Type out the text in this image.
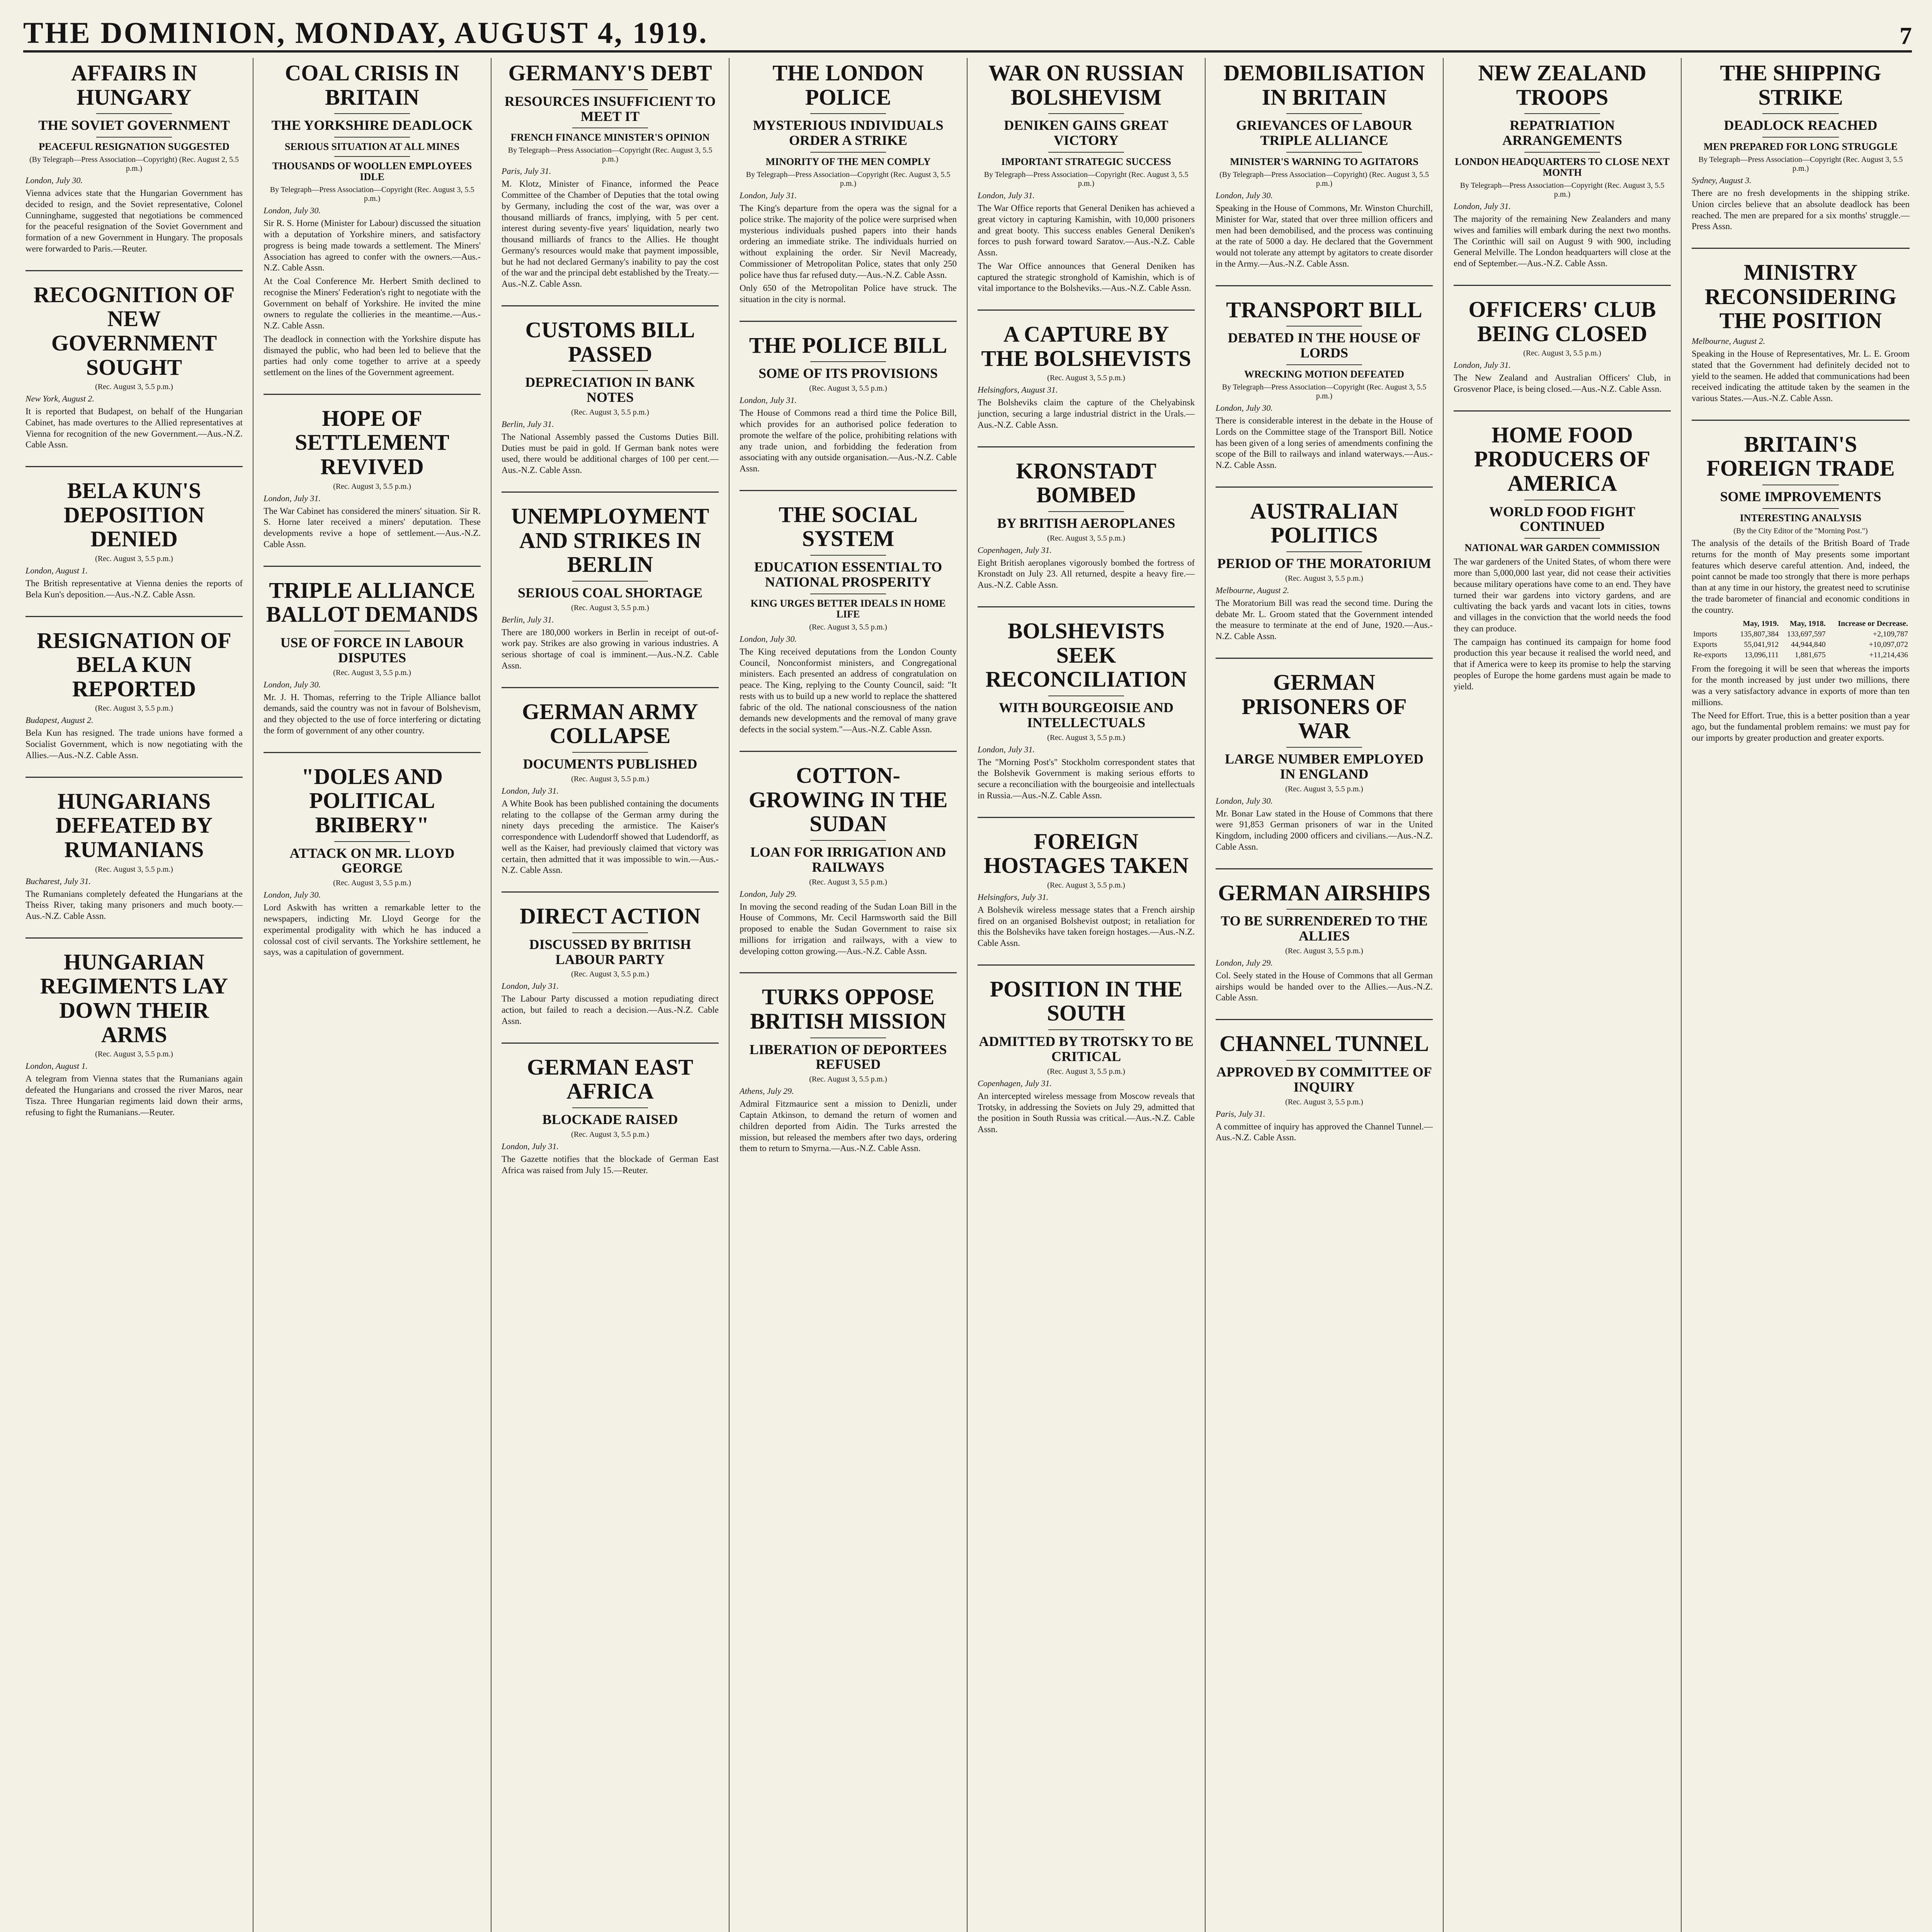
THE DOMINION, MONDAY, AUGUST 4, 1919.	7
AFFAIRS IN HUNGARY
THE SOVIET GOVERNMENT
PEACEFUL RESIGNATION SUGGESTED
(By Telegraph—Press Association—Copyright) (Rec. August 2, 5.5 p.m.)
London, July 30.

Vienna advices state that the Hungarian Government has decided to resign, and the Soviet representative, Colonel Cunninghame, suggested that negotiations be commenced for the peaceful resignation of the Soviet Government and formation of a new Government in Hungary. The proposals were forwarded to Paris.—Reuter.

RECOGNITION OF NEW GOVERNMENT SOUGHT
(Rec. August 3, 5.5 p.m.)
New York, August 2.

It is reported that Budapest, on behalf of the Hungarian Cabinet, has made overtures to the Allied representatives at Vienna for recognition of the new Government.—Aus.-N.Z. Cable Assn.

BELA KUN'S DEPOSITION DENIED
(Rec. August 3, 5.5 p.m.)
London, August 1.

The British representative at Vienna denies the reports of Bela Kun's deposition.—Aus.-N.Z. Cable Assn.

RESIGNATION OF BELA KUN REPORTED
(Rec. August 3, 5.5 p.m.)
Budapest, August 2.

Bela Kun has resigned. The trade unions have formed a Socialist Government, which is now negotiating with the Allies.—Aus.-N.Z. Cable Assn.

HUNGARIANS DEFEATED BY RUMANIANS
(Rec. August 3, 5.5 p.m.)
Bucharest, July 31.

The Rumanians completely defeated the Hungarians at the Theiss River, taking many prisoners and much booty.—Aus.-N.Z. Cable Assn.

HUNGARIAN REGIMENTS LAY DOWN THEIR ARMS
(Rec. August 3, 5.5 p.m.)
London, August 1.

A telegram from Vienna states that the Rumanians again defeated the Hungarians and crossed the river Maros, near Tisza. Three Hungarian regiments laid down their arms, refusing to fight the Rumanians.—Reuter.

COAL CRISIS IN BRITAIN
THE YORKSHIRE DEADLOCK
SERIOUS SITUATION AT ALL MINES
THOUSANDS OF WOOLLEN EMPLOYEES IDLE
By Telegraph—Press Association—Copyright (Rec. August 3, 5.5 p.m.)
London, July 30.

Sir R. S. Horne (Minister for Labour) discussed the situation with a deputation of Yorkshire miners, and satisfactory progress is being made towards a settlement. The Miners' Association has agreed to confer with the owners.—Aus.-N.Z. Cable Assn.

At the Coal Conference Mr. Herbert Smith declined to recognise the Miners' Federation's right to negotiate with the Government on behalf of Yorkshire. He invited the mine owners to regulate the collieries in the meantime.—Aus.-N.Z. Cable Assn.

The deadlock in connection with the Yorkshire dispute has dismayed the public, who had been led to believe that the parties had only come together to arrive at a speedy settlement on the lines of the Government agreement.

HOPE OF SETTLEMENT REVIVED
(Rec. August 3, 5.5 p.m.)
London, July 31.

The War Cabinet has considered the miners' situation. Sir R. S. Horne later received a miners' deputation. These developments revive a hope of settlement.—Aus.-N.Z. Cable Assn.

TRIPLE ALLIANCE BALLOT DEMANDS
USE OF FORCE IN LABOUR DISPUTES
(Rec. August 3, 5.5 p.m.)
London, July 30.

Mr. J. H. Thomas, referring to the Triple Alliance ballot demands, said the country was not in favour of Bolshevism, and they objected to the use of force interfering or dictating the form of government of any other country.

"DOLES AND POLITICAL BRIBERY"
ATTACK ON MR. LLOYD GEORGE
(Rec. August 3, 5.5 p.m.)
London, July 30.

Lord Askwith has written a remarkable letter to the newspapers, indicting Mr. Lloyd George for the experimental prodigality with which he has induced a colossal cost of civil servants. The Yorkshire settlement, he says, was a capitulation of government.

GERMANY'S DEBT
RESOURCES INSUFFICIENT TO MEET IT
FRENCH FINANCE MINISTER'S OPINION
By Telegraph—Press Association—Copyright (Rec. August 3, 5.5 p.m.)
Paris, July 31.

M. Klotz, Minister of Finance, informed the Peace Committee of the Chamber of Deputies that the total owing by Germany, including the cost of the war, was over a thousand milliards of francs, implying, with 5 per cent. interest during seventy-five years' liquidation, nearly two thousand milliards of francs to the Allies. He thought Germany's resources would make that payment impossible, but he had not declared Germany's inability to pay the cost of the war and the principal debt established by the Treaty.—Aus.-N.Z. Cable Assn.

CUSTOMS BILL PASSED
DEPRECIATION IN BANK NOTES
(Rec. August 3, 5.5 p.m.)
Berlin, July 31.

The National Assembly passed the Customs Duties Bill. Duties must be paid in gold. If German bank notes were used, there would be additional charges of 100 per cent.—Aus.-N.Z. Cable Assn.

UNEMPLOYMENT AND STRIKES IN BERLIN
SERIOUS COAL SHORTAGE
(Rec. August 3, 5.5 p.m.)
Berlin, July 31.

There are 180,000 workers in Berlin in receipt of out-of-work pay. Strikes are also growing in various industries. A serious shortage of coal is imminent.—Aus.-N.Z. Cable Assn.

GERMAN ARMY COLLAPSE
DOCUMENTS PUBLISHED
(Rec. August 3, 5.5 p.m.)
London, July 31.

A White Book has been published containing the documents relating to the collapse of the German army during the ninety days preceding the armistice. The Kaiser's correspondence with Ludendorff showed that Ludendorff, as well as the Kaiser, had previously claimed that victory was certain, then admitted that it was impossible to win.—Aus.-N.Z. Cable Assn.

DIRECT ACTION
DISCUSSED BY BRITISH LABOUR PARTY
(Rec. August 3, 5.5 p.m.)
London, July 31.

The Labour Party discussed a motion repudiating direct action, but failed to reach a decision.—Aus.-N.Z. Cable Assn.

GERMAN EAST AFRICA
BLOCKADE RAISED
(Rec. August 3, 5.5 p.m.)
London, July 31.

The Gazette notifies that the blockade of German East Africa was raised from July 15.—Reuter.

THE LONDON POLICE
MYSTERIOUS INDIVIDUALS ORDER A STRIKE
MINORITY OF THE MEN COMPLY
By Telegraph—Press Association—Copyright (Rec. August 3, 5.5 p.m.)
London, July 31.

The King's departure from the opera was the signal for a police strike. The majority of the police were surprised when mysterious individuals pushed papers into their hands ordering an immediate strike. The individuals hurried on without explaining the order. Sir Nevil Macready, Commissioner of Metropolitan Police, states that only 250 police have thus far refused duty.—Aus.-N.Z. Cable Assn.

Only 650 of the Metropolitan Police have struck. The situation in the city is normal.

THE POLICE BILL
SOME OF ITS PROVISIONS
(Rec. August 3, 5.5 p.m.)
London, July 31.

The House of Commons read a third time the Police Bill, which provides for an authorised police federation to promote the welfare of the police, prohibiting relations with any trade union, and forbidding the federation from associating with any outside organisation.—Aus.-N.Z. Cable Assn.

THE SOCIAL SYSTEM
EDUCATION ESSENTIAL TO NATIONAL PROSPERITY
KING URGES BETTER IDEALS IN HOME LIFE
(Rec. August 3, 5.5 p.m.)
London, July 30.

The King received deputations from the London County Council, Nonconformist ministers, and Congregational ministers. Each presented an address of congratulation on peace. The King, replying to the County Council, said: "It rests with us to build up a new world to replace the shattered fabric of the old. The national consciousness of the nation demands new developments and the removal of many grave defects in the social system."—Aus.-N.Z. Cable Assn.

COTTON-GROWING IN THE SUDAN
LOAN FOR IRRIGATION AND RAILWAYS
(Rec. August 3, 5.5 p.m.)
London, July 29.

In moving the second reading of the Sudan Loan Bill in the House of Commons, Mr. Cecil Harmsworth said the Bill proposed to enable the Sudan Government to raise six millions for irrigation and railways, with a view to developing cotton growing.—Aus.-N.Z. Cable Assn.

TURKS OPPOSE BRITISH MISSION
LIBERATION OF DEPORTEES REFUSED
(Rec. August 3, 5.5 p.m.)
Athens, July 29.

Admiral Fitzmaurice sent a mission to Denizli, under Captain Atkinson, to demand the return of women and children deported from Aidin. The Turks arrested the mission, but released the members after two days, ordering them to return to Smyrna.—Aus.-N.Z. Cable Assn.

WAR ON RUSSIAN BOLSHEVISM
DENIKEN GAINS GREAT VICTORY
IMPORTANT STRATEGIC SUCCESS
By Telegraph—Press Association—Copyright (Rec. August 3, 5.5 p.m.)
London, July 31.

The War Office reports that General Deniken has achieved a great victory in capturing Kamishin, with 10,000 prisoners and great booty. This success enables General Deniken's forces to push forward toward Saratov.—Aus.-N.Z. Cable Assn.

The War Office announces that General Deniken has captured the strategic stronghold of Kamishin, which is of vital importance to the Bolsheviks.—Aus.-N.Z. Cable Assn.

A CAPTURE BY THE BOLSHEVISTS
(Rec. August 3, 5.5 p.m.)
Helsingfors, August 31.

The Bolsheviks claim the capture of the Chelyabinsk junction, securing a large industrial district in the Urals.—Aus.-N.Z. Cable Assn.

KRONSTADT BOMBED
BY BRITISH AEROPLANES
(Rec. August 3, 5.5 p.m.)
Copenhagen, July 31.

Eight British aeroplanes vigorously bombed the fortress of Kronstadt on July 23. All returned, despite a heavy fire.—Aus.-N.Z. Cable Assn.

BOLSHEVISTS SEEK RECONCILIATION
WITH BOURGEOISIE AND INTELLECTUALS
(Rec. August 3, 5.5 p.m.)
London, July 31.

The "Morning Post's" Stockholm correspondent states that the Bolshevik Government is making serious efforts to secure a reconciliation with the bourgeoisie and intellectuals in Russia.—Aus.-N.Z. Cable Assn.

FOREIGN HOSTAGES TAKEN
(Rec. August 3, 5.5 p.m.)
Helsingfors, July 31.

A Bolshevik wireless message states that a French airship fired on an organised Bolshevist outpost; in retaliation for this the Bolsheviks have taken foreign hostages.—Aus.-N.Z. Cable Assn.

POSITION IN THE SOUTH
ADMITTED BY TROTSKY TO BE CRITICAL
(Rec. August 3, 5.5 p.m.)
Copenhagen, July 31.

An intercepted wireless message from Moscow reveals that Trotsky, in addressing the Soviets on July 29, admitted that the position in South Russia was critical.—Aus.-N.Z. Cable Assn.

DEMOBILISATION IN BRITAIN
GRIEVANCES OF LABOUR TRIPLE ALLIANCE
MINISTER'S WARNING TO AGITATORS
(By Telegraph—Press Association—Copyright) (Rec. August 3, 5.5 p.m.)
London, July 30.

Speaking in the House of Commons, Mr. Winston Churchill, Minister for War, stated that over three million officers and men had been demobilised, and the process was continuing at the rate of 5000 a day. He declared that the Government would not tolerate any attempt by agitators to create disorder in the Army.—Aus.-N.Z. Cable Assn.

TRANSPORT BILL
DEBATED IN THE HOUSE OF LORDS
WRECKING MOTION DEFEATED
By Telegraph—Press Association—Copyright (Rec. August 3, 5.5 p.m.)
London, July 30.

There is considerable interest in the debate in the House of Lords on the Committee stage of the Transport Bill. Notice has been given of a long series of amendments confining the scope of the Bill to railways and inland waterways.—Aus.-N.Z. Cable Assn.

AUSTRALIAN POLITICS
PERIOD OF THE MORATORIUM
(Rec. August 3, 5.5 p.m.)
Melbourne, August 2.

The Moratorium Bill was read the second time. During the debate Mr. L. Groom stated that the Government intended the measure to terminate at the end of June, 1920.—Aus.-N.Z. Cable Assn.

GERMAN PRISONERS OF WAR
LARGE NUMBER EMPLOYED IN ENGLAND
(Rec. August 3, 5.5 p.m.)
London, July 30.

Mr. Bonar Law stated in the House of Commons that there were 91,853 German prisoners of war in the United Kingdom, including 2000 officers and civilians.—Aus.-N.Z. Cable Assn.

GERMAN AIRSHIPS
TO BE SURRENDERED TO THE ALLIES
(Rec. August 3, 5.5 p.m.)
London, July 29.

Col. Seely stated in the House of Commons that all German airships would be handed over to the Allies.—Aus.-N.Z. Cable Assn.

CHANNEL TUNNEL
APPROVED BY COMMITTEE OF INQUIRY
(Rec. August 3, 5.5 p.m.)
Paris, July 31.

A committee of inquiry has approved the Channel Tunnel.—Aus.-N.Z. Cable Assn.

NEW ZEALAND TROOPS
REPATRIATION ARRANGEMENTS
LONDON HEADQUARTERS TO CLOSE NEXT MONTH
By Telegraph—Press Association—Copyright (Rec. August 3, 5.5 p.m.)
London, July 31.

The majority of the remaining New Zealanders and many wives and families will embark during the next two months. The Corinthic will sail on August 9 with 900, including General Melville. The London headquarters will close at the end of September.—Aus.-N.Z. Cable Assn.

OFFICERS' CLUB BEING CLOSED
(Rec. August 3, 5.5 p.m.)
London, July 31.

The New Zealand and Australian Officers' Club, in Grosvenor Place, is being closed.—Aus.-N.Z. Cable Assn.

HOME FOOD PRODUCERS OF AMERICA
WORLD FOOD FIGHT CONTINUED
NATIONAL WAR GARDEN COMMISSION

The war gardeners of the United States, of whom there were more than 5,000,000 last year, did not cease their activities because military operations have come to an end. They have turned their war gardens into victory gardens, and are cultivating the back yards and vacant lots in cities, towns and villages in the conviction that the world needs the food they can produce.

The campaign has continued its campaign for home food production this year because it realised the world need, and that if America were to keep its promise to help the starving peoples of Europe the home gardens must again be made to yield.

THE SHIPPING STRIKE
DEADLOCK REACHED
MEN PREPARED FOR LONG STRUGGLE
By Telegraph—Press Association—Copyright (Rec. August 3, 5.5 p.m.)
Sydney, August 3.

There are no fresh developments in the shipping strike. Union circles believe that an absolute deadlock has been reached. The men are prepared for a six months' struggle.—Press Assn.

MINISTRY RECONSIDERING THE POSITION
Melbourne, August 2.

Speaking in the House of Representatives, Mr. L. E. Groom stated that the Government had definitely decided not to yield to the seamen. He added that communications had been received indicating the attitude taken by the seamen in the various States.—Aus.-N.Z. Cable Assn.

BRITAIN'S FOREIGN TRADE
SOME IMPROVEMENTS
INTERESTING ANALYSIS
(By the City Editor of the "Morning Post.")

The analysis of the details of the British Board of Trade returns for the month of May presents some important features which deserve careful attention. And, indeed, the point cannot be made too strongly that there is more perhaps than at any time in our history, the greatest need to scrutinise the trade barometer of financial and economic conditions in the country.

	May, 1919.	May, 1918.	Increase or Decrease.
Imports	135,807,384	133,697,597	+2,109,787
Exports	55,041,912	44,944,840	+10,097,072
Re-exports	13,096,111	1,881,675	+11,214,436

From the foregoing it will be seen that whereas the imports for the month increased by just under two millions, there was a very satisfactory advance in exports of more than ten millions.

The Need for Effort. True, this is a better position than a year ago, but the fundamental problem remains: we must pay for our imports by greater production and greater exports.
